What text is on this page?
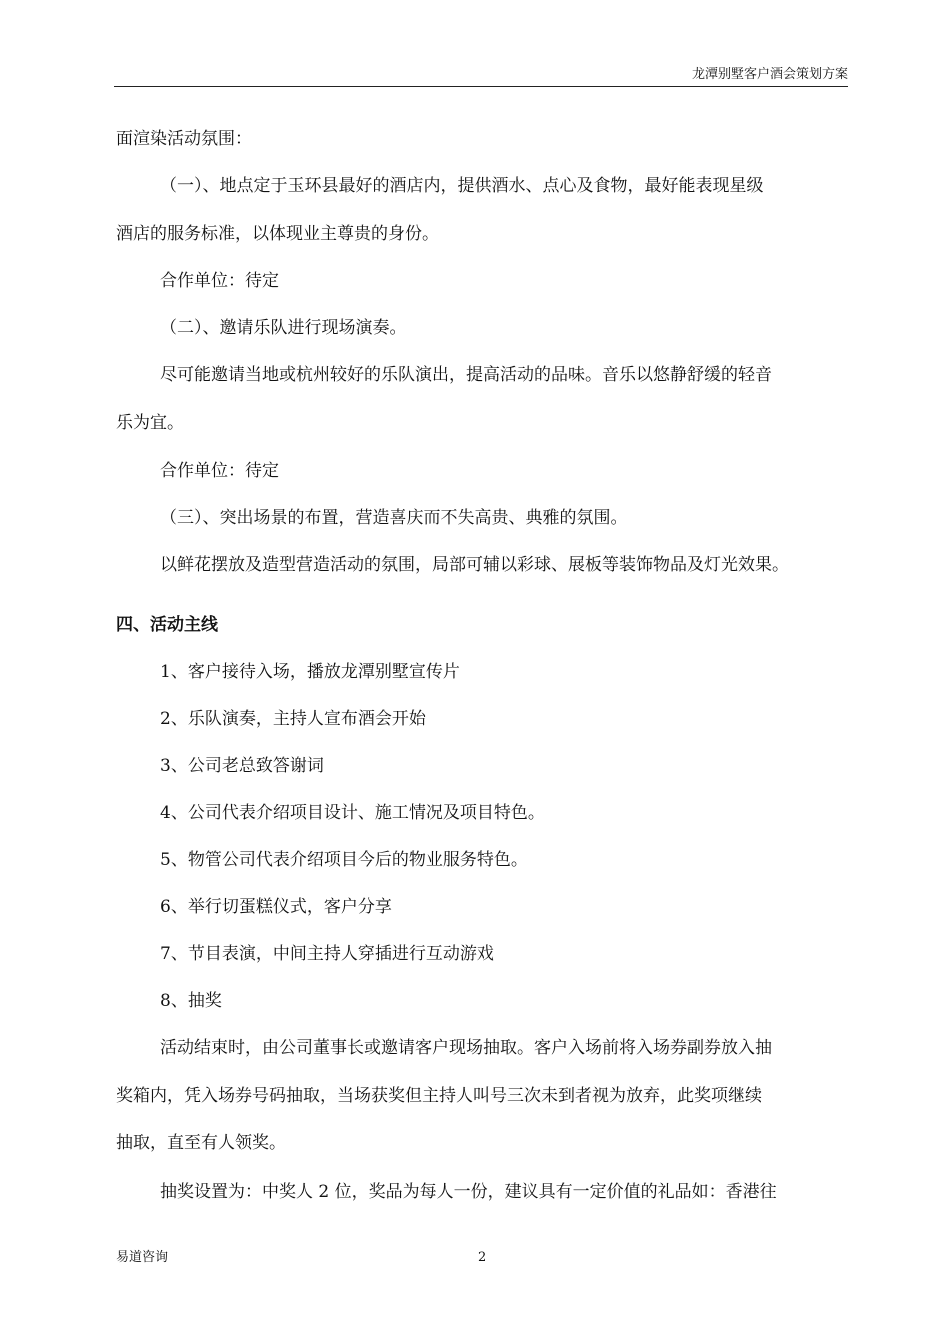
龙潭别墅客户酒会策划方案
面渲染活动氛围：
（一）、地点定于玉环县最好的酒店内，提供酒水、点心及食物，最好能表现星级
酒店的服务标准，以体现业主尊贵的身份。
合作单位：待定
（二）、邀请乐队进行现场演奏。
尽可能邀请当地或杭州较好的乐队演出，提高活动的品味。音乐以悠静舒缓的轻音
乐为宜。
合作单位：待定
（三）、突出场景的布置，营造喜庆而不失高贵、典雅的氛围。
以鲜花摆放及造型营造活动的氛围，局部可辅以彩球、展板等装饰物品及灯光效果。
四、活动主线
1、客户接待入场，播放龙潭别墅宣传片
2、乐队演奏，主持人宣布酒会开始
3、公司老总致答谢词
4、公司代表介绍项目设计、施工情况及项目特色。
5、物管公司代表介绍项目今后的物业服务特色。
6、举行切蛋糕仪式，客户分享
7、节目表演，中间主持人穿插进行互动游戏
8、抽奖
活动结束时，由公司董事长或邀请客户现场抽取。客户入场前将入场券副券放入抽
奖箱内，凭入场券号码抽取，当场获奖但主持人叫号三次未到者视为放弃，此奖项继续
抽取，直至有人领奖。
抽奖设置为：中奖人 2 位，奖品为每人一份，建议具有一定价值的礼品如：香港往
易道咨询	2
